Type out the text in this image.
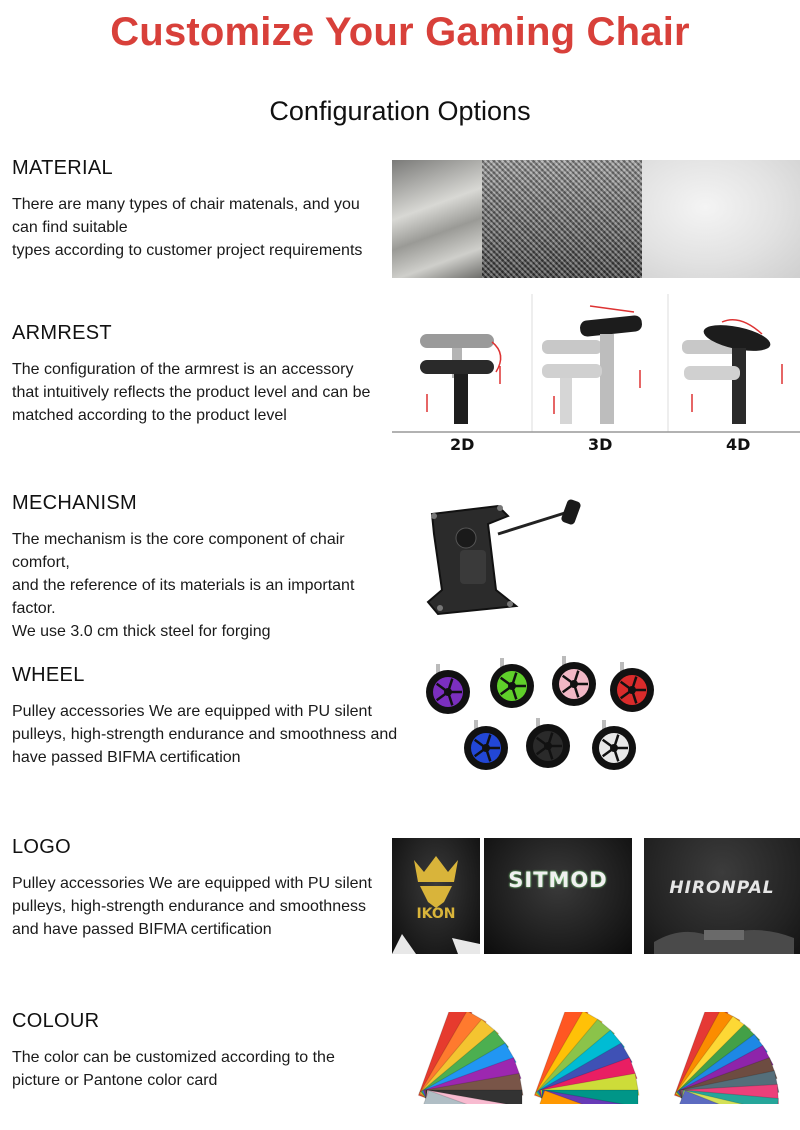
Customize Your Gaming Chair
Configuration Options
MATERIAL
There are many types of chair matenals, and you
can find suitable
types according to customer project requirements
ARMREST
The configuration of the armrest is an accessory
that intuitively reflects the product level and can be
matched according to the product level
2D	3D	4D
MECHANISM
The mechanism is the core component of chair comfort,
and the reference of its materials is an important factor.
We use 3.0 cm thick steel for forging
WHEEL
Pulley accessories We are equipped with PU silent
pulleys, high-strength endurance and smoothness and
have passed BIFMA certification
LOGO
Pulley accessories We are equipped with PU silent
pulleys, high-strength endurance and smoothness
and have passed BIFMA certification
IKON
SITMOD	HIRONPAL
COLOUR
The color can be customized according to the
picture or Pantone color card
